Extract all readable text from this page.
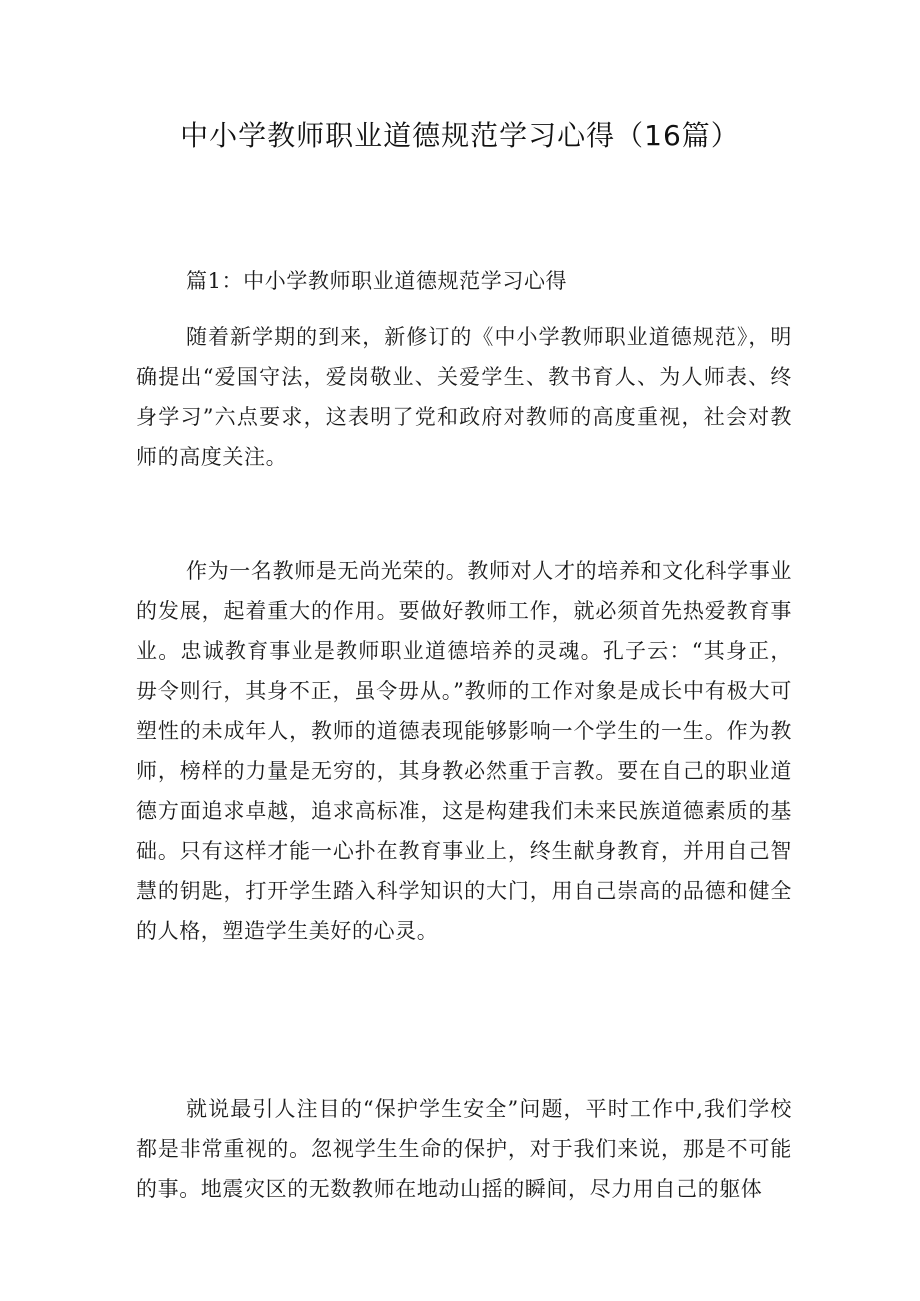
中小学教师职业道德规范学习心得（16篇）

篇1：中小学教师职业道德规范学习心得

随着新学期的到来，新修订的《中小学教师职业道德规范》，明确提出“爱国守法，爱岗敬业、关爱学生、教书育人、为人师表、终身学习”六点要求，这表明了党和政府对教师的高度重视，社会对教师的高度关注。

作为一名教师是无尚光荣的。教师对人才的培养和文化科学事业的发展，起着重大的作用。要做好教师工作，就必须首先热爱教育事业。忠诚教育事业是教师职业道德培养的灵魂。孔子云：“其身正，毋令则行，其身不正，虽令毋从。”教师的工作对象是成长中有极大可塑性的未成年人，教师的道德表现能够影响一个学生的一生。作为教师，榜样的力量是无穷的，其身教必然重于言教。要在自己的职业道德方面追求卓越，追求高标准，这是构建我们未来民族道德素质的基础。只有这样才能一心扑在教育事业上，终生献身教育，并用自己智慧的钥匙，打开学生踏入科学知识的大门，用自己崇高的品德和健全的人格，塑造学生美好的心灵。

就说最引人注目的“保护学生安全”问题，平时工作中,我们学校都是非常重视的。忽视学生生命的保护，对于我们来说，那是不可能的事。地震灾区的无数教师在地动山摇的瞬间，尽力用自己的躯体
